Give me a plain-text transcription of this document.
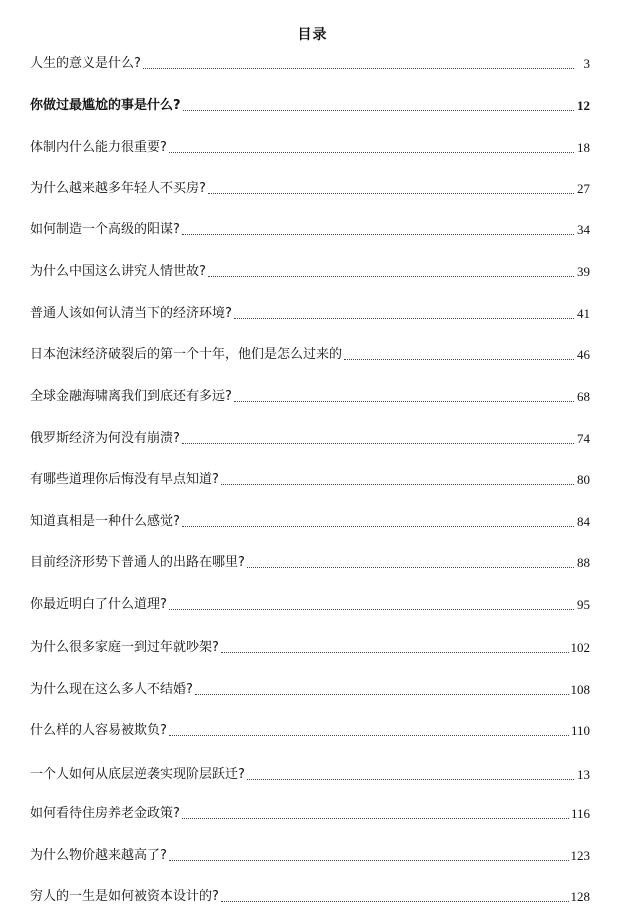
目录
人生的意义是什么?	3
你做过最尴尬的事是什么?	12
体制内什么能力很重要?	18
为什么越来越多年轻人不买房?	27
如何制造一个高级的阳谋?	34
为什么中国这么讲究人情世故?	39
普通人该如何认清当下的经济环境?	41
日本泡沫经济破裂后的第一个十年，他们是怎么过来的	46
全球金融海啸离我们到底还有多远?	68
俄罗斯经济为何没有崩溃?	74
有哪些道理你后悔没有早点知道?	80
知道真相是一种什么感觉?	84
目前经济形势下普通人的出路在哪里?	88
你最近明白了什么道理?	95
为什么很多家庭一到过年就吵架?	102
为什么现在这么多人不结婚?	108
什么样的人容易被欺负?	110
一个人如何从底层逆袭实现阶层跃迁?	13
如何看待住房养老金政策?	116
为什么物价越来越高了?	123
穷人的一生是如何被资本设计的?	128
